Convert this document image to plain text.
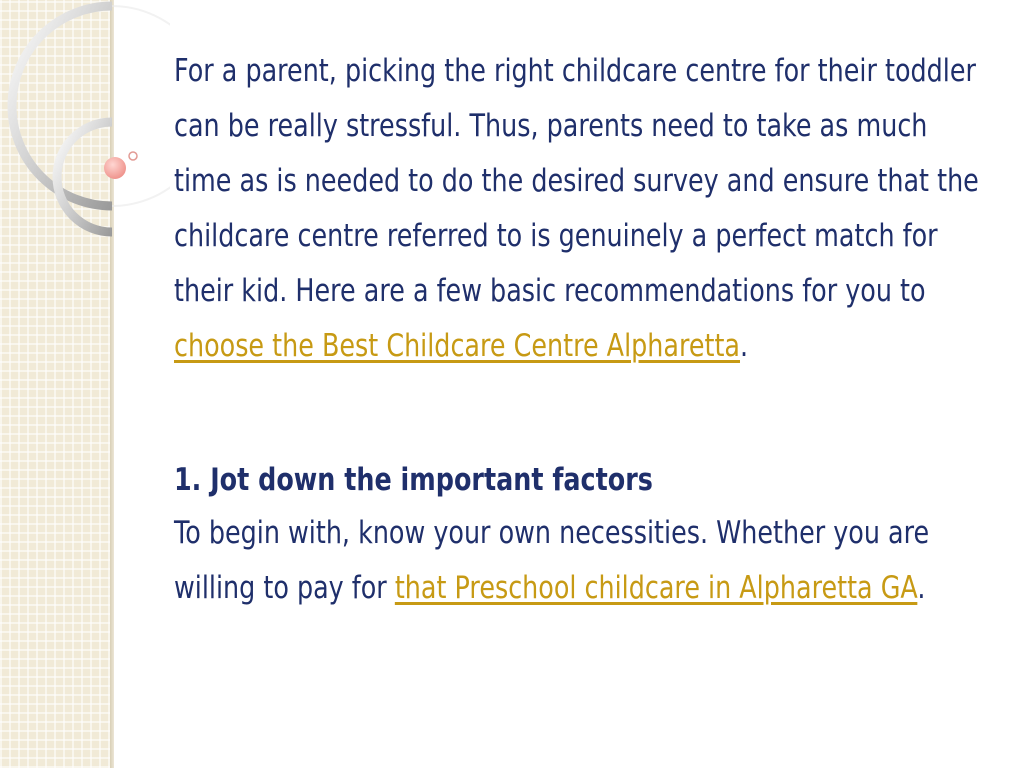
For a parent, picking the right childcare centre for their toddler can be really stressful. Thus, parents need to take as much time as is needed to do the desired survey and ensure that the childcare centre referred to is genuinely a perfect match for their kid. Here are a few basic recommendations for you to choose the Best Childcare Centre Alpharetta.

1. Jot down the important factors

To begin with, know your own necessities. Whether you are willing to pay for that Preschool childcare in Alpharetta GA.
